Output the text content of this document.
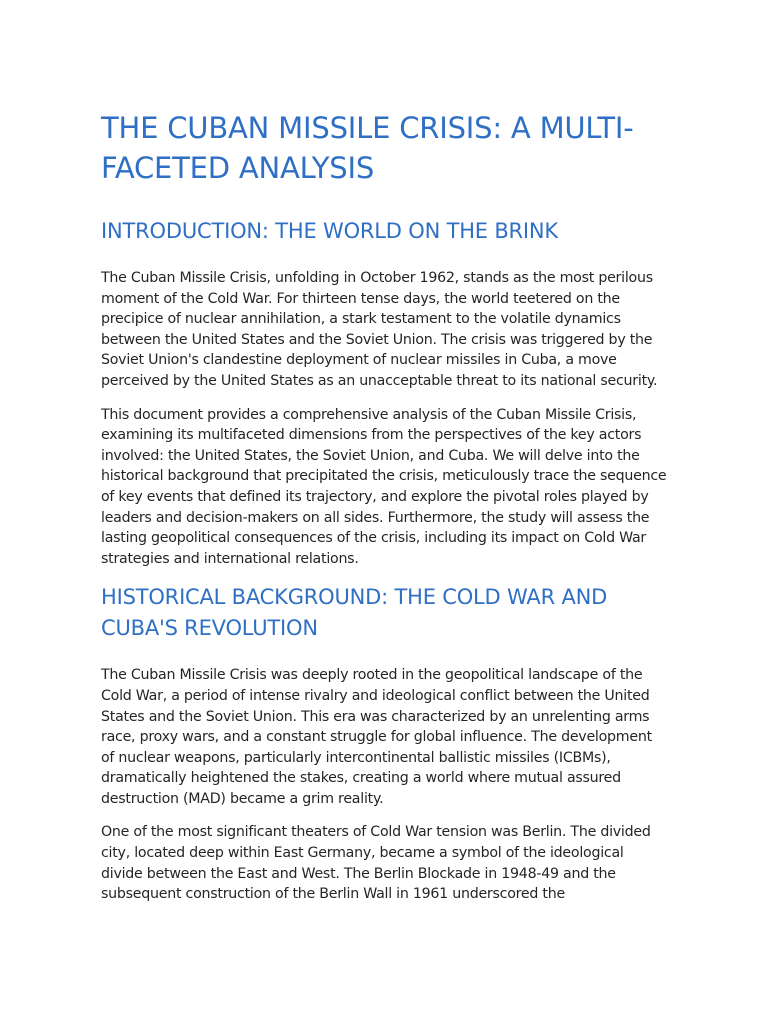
THE CUBAN MISSILE CRISIS: A MULTI-FACETED ANALYSIS
INTRODUCTION: THE WORLD ON THE BRINK

The Cuban Missile Crisis, unfolding in October 1962, stands as the most perilous moment of the Cold War. For thirteen tense days, the world teetered on the precipice of nuclear annihilation, a stark testament to the volatile dynamics between the United States and the Soviet Union. The crisis was triggered by the Soviet Union's clandestine deployment of nuclear missiles in Cuba, a move perceived by the United States as an unacceptable threat to its national security.

This document provides a comprehensive analysis of the Cuban Missile Crisis, examining its multifaceted dimensions from the perspectives of the key actors involved: the United States, the Soviet Union, and Cuba. We will delve into the historical background that precipitated the crisis, meticulously trace the sequence of key events that defined its trajectory, and explore the pivotal roles played by leaders and decision-makers on all sides. Furthermore, the study will assess the lasting geopolitical consequences of the crisis, including its impact on Cold War strategies and international relations.

HISTORICAL BACKGROUND: THE COLD WAR AND CUBA'S REVOLUTION

The Cuban Missile Crisis was deeply rooted in the geopolitical landscape of the Cold War, a period of intense rivalry and ideological conflict between the United States and the Soviet Union. This era was characterized by an unrelenting arms race, proxy wars, and a constant struggle for global influence. The development of nuclear weapons, particularly intercontinental ballistic missiles (ICBMs), dramatically heightened the stakes, creating a world where mutual assured destruction (MAD) became a grim reality.

One of the most significant theaters of Cold War tension was Berlin. The divided city, located deep within East Germany, became a symbol of the ideological divide between the East and West. The Berlin Blockade in 1948-49 and the subsequent construction of the Berlin Wall in 1961 underscored the
